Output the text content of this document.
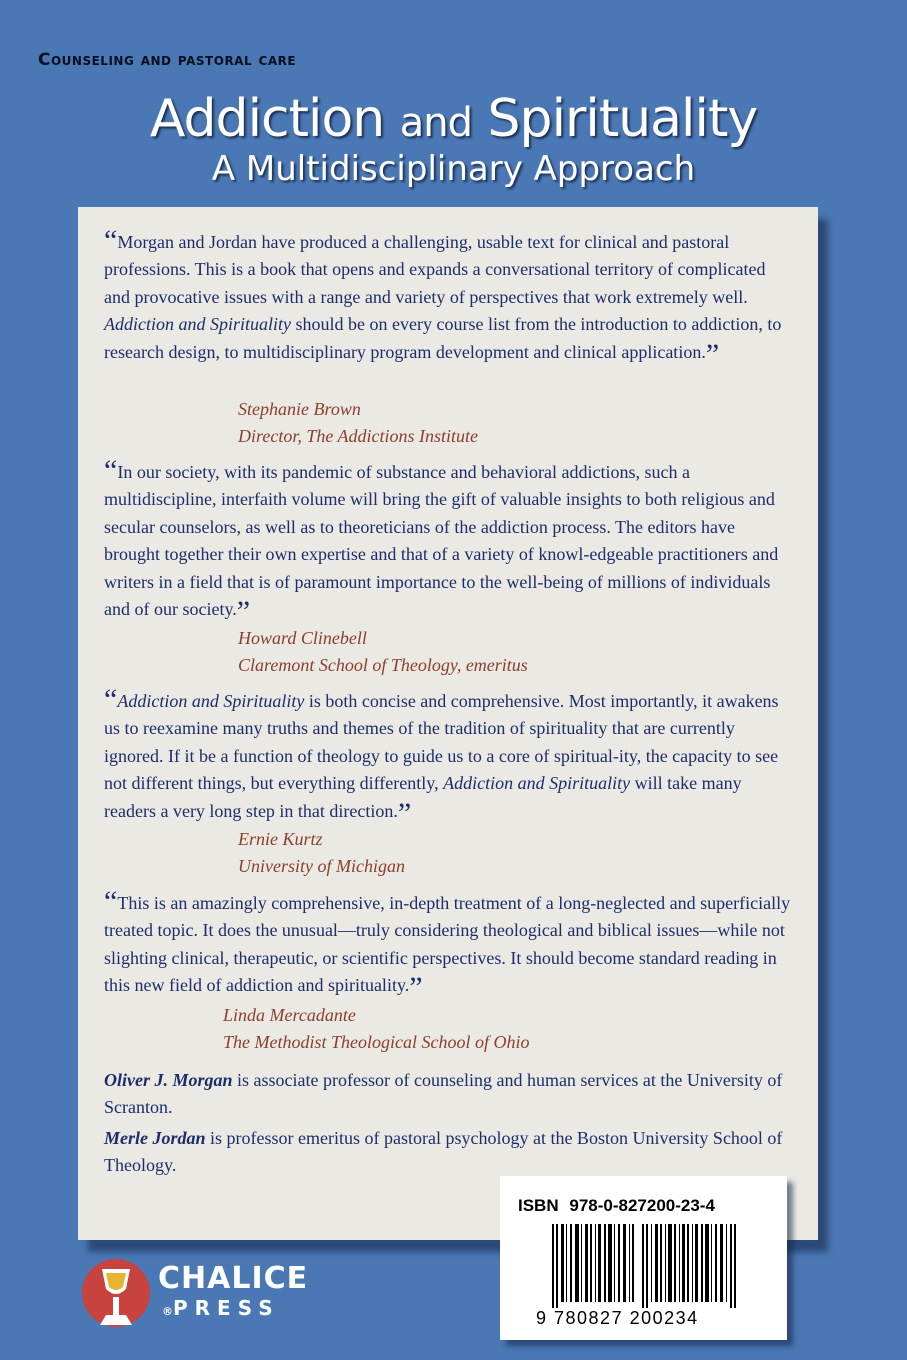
Counseling and pastoral care
Addiction and Spirituality
A Multidisciplinary Approach
“Morgan and Jordan have produced a challenging, usable text for clinical and pastoral professions. This is a book that opens and expands a conversational territory of complicated and provocative issues with a range and variety of perspectives that work extremely well. Addiction and Spirituality should be on every course list from the introduction to addiction, to research design, to multidisciplinary program development and clinical application.”
Stephanie Brown
Director, The Addictions Institute
“In our society, with its pandemic of substance and behavioral addictions, such a multidiscipline, interfaith volume will bring the gift of valuable insights to both religious and secular counselors, as well as to theoreticians of the addiction process. The editors have brought together their own expertise and that of a variety of knowl-edgeable practitioners and writers in a field that is of paramount importance to the well-being of millions of individuals and of our society.”
Howard Clinebell
Claremont School of Theology, emeritus
“Addiction and Spirituality is both concise and comprehensive. Most importantly, it awakens us to reexamine many truths and themes of the tradition of spirituality that are currently ignored. If it be a function of theology to guide us to a core of spiritual-ity, the capacity to see not different things, but everything differently, Addiction and Spirituality will take many readers a very long step in that direction.”
Ernie Kurtz
University of Michigan
“This is an amazingly comprehensive, in-depth treatment of a long-neglected and superficially treated topic. It does the unusual—truly considering theological and biblical issues—while not slighting clinical, therapeutic, or scientific perspectives. It should become standard reading in this new field of addiction and spirituality.”
Linda Mercadante
The Methodist Theological School of Ohio
Oliver J. Morgan is associate professor of counseling and human services at the University of Scranton.
Merle Jordan is professor emeritus of pastoral psychology at the Boston University School of Theology.
ISBN 978-0-827200-23-4
9 780827 200234
CHALICE
®PRESS
